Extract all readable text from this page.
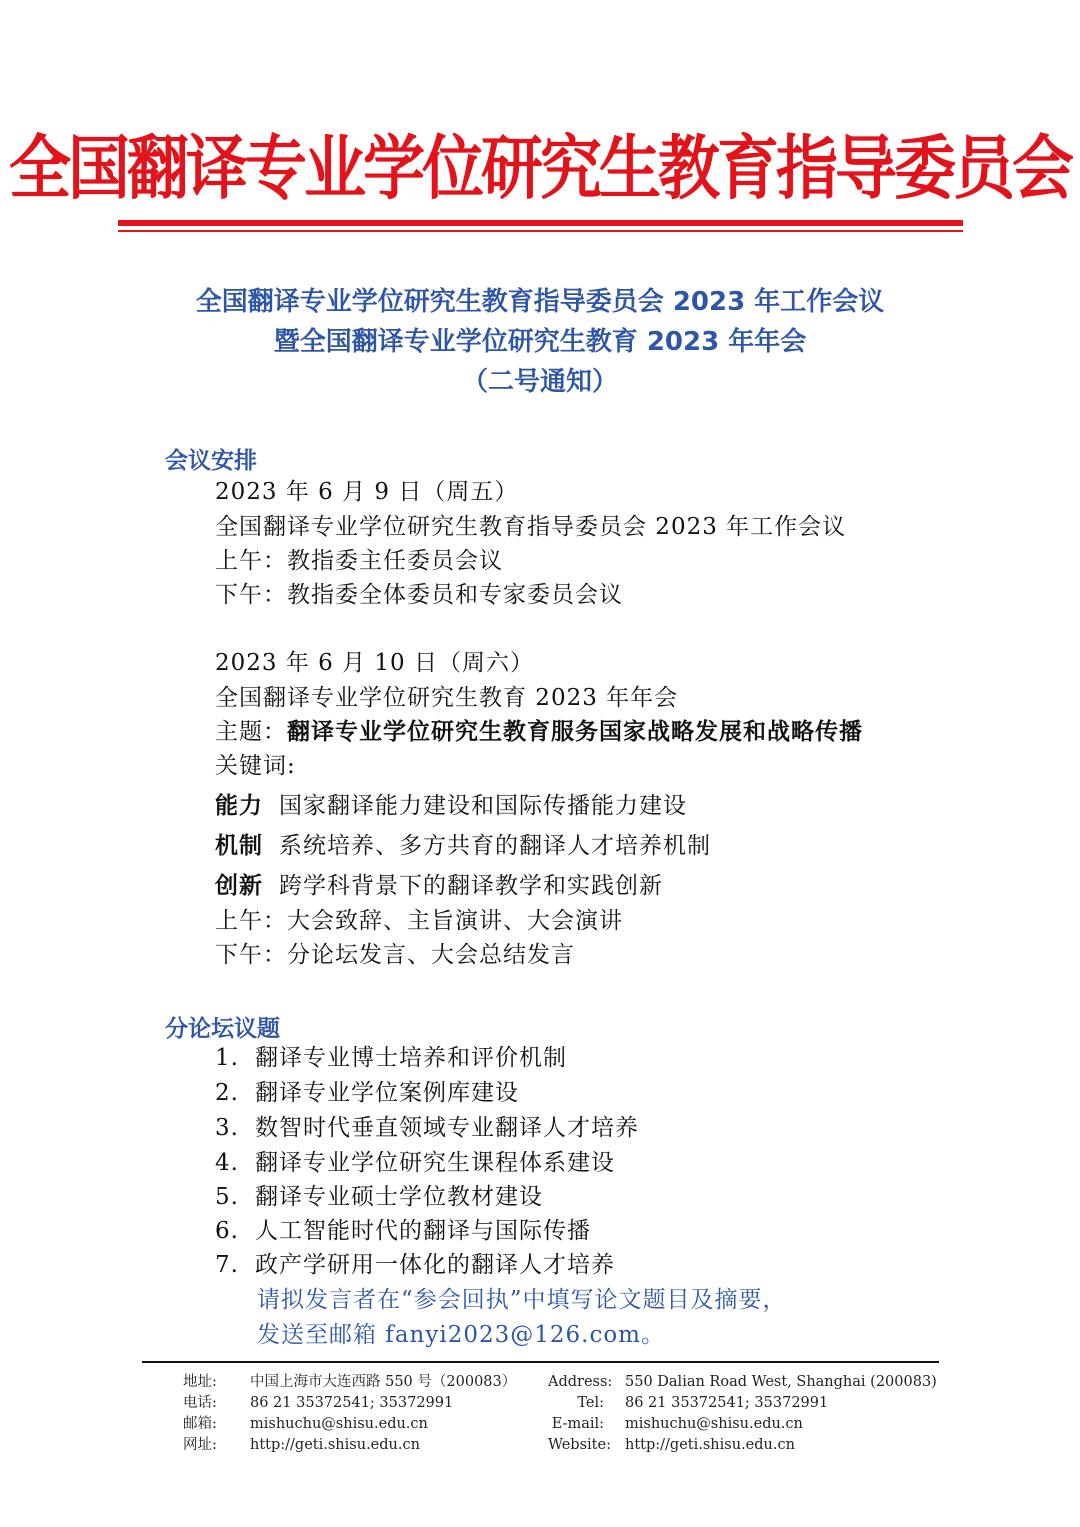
全国翻译专业学位研究生教育指导委员会
全国翻译专业学位研究生教育指导委员会 2023 年工作会议
暨全国翻译专业学位研究生教育 2023 年年会
（二号通知）
会议安排
2023 年 6 月 9 日（周五）
全国翻译专业学位研究生教育指导委员会 2023 年工作会议
上午：教指委主任委员会议
下午：教指委全体委员和专家委员会议
2023 年 6 月 10 日（周六）
全国翻译专业学位研究生教育 2023 年年会
主题：翻译专业学位研究生教育服务国家战略发展和战略传播
关键词:
能力 国家翻译能力建设和国际传播能力建设
机制 系统培养、多方共育的翻译人才培养机制
创新 跨学科背景下的翻译教学和实践创新
上午：大会致辞、主旨演讲、大会演讲
下午：分论坛发言、大会总结发言
分论坛议题
1. 翻译专业博士培养和评价机制
2. 翻译专业学位案例库建设
3. 数智时代垂直领域专业翻译人才培养
4. 翻译专业学位研究生课程体系建设
5. 翻译专业硕士学位教材建设
6. 人工智能时代的翻译与国际传播
7. 政产学研用一体化的翻译人才培养
请拟发言者在“参会回执”中填写论文题目及摘要，
发送至邮箱 fanyi2023@126.com。
地址: 中国上海市大连西路 550 号（200083） Address: 550 Dalian Road West, Shanghai (200083)
电话: 86 21 35372541; 35372991	Tel: 86 21 35372541; 35372991
邮箱: mishuchu@shisu.edu.cn	E-mail: mishuchu@shisu.edu.cn
网址: http://geti.shisu.edu.cn	Website: http://geti.shisu.edu.cn
